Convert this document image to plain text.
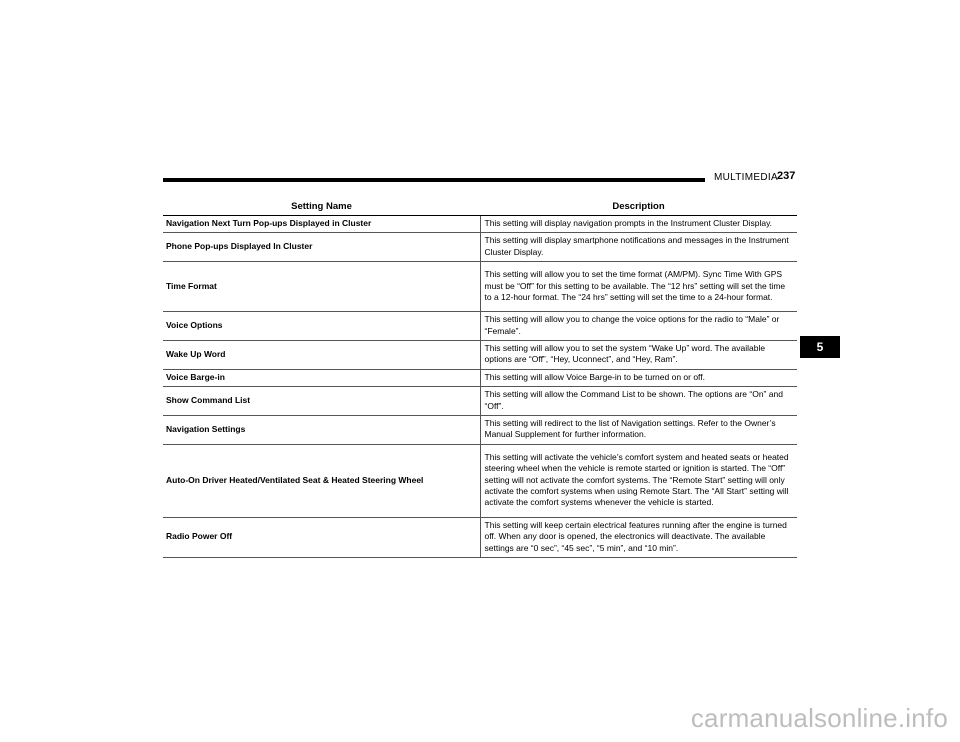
MULTIMEDIA 237
5
Setting Name	Description
Navigation Next Turn Pop-ups Displayed in Cluster	This setting will display navigation prompts in the Instrument Cluster Display.
Phone Pop-ups Displayed In Cluster	This setting will display smartphone notifications and messages in the Instrument Cluster Display.
Time Format	This setting will allow you to set the time format (AM/PM). Sync Time With GPS must be “Off” for this setting to be available. The “12 hrs” setting will set the time to a 12-hour format. The “24 hrs” setting will set the time to a 24-hour format.
Voice Options	This setting will allow you to change the voice options for the radio to “Male” or “Female”.
Wake Up Word	This setting will allow you to set the system “Wake Up” word. The available options are “Off”, “Hey, Uconnect”, and “Hey, Ram”.
Voice Barge-in	This setting will allow Voice Barge-in to be turned on or off.
Show Command List	This setting will allow the Command List to be shown. The options are “On” and “Off”.
Navigation Settings	This setting will redirect to the list of Navigation settings. Refer to the Owner’s Manual Supplement for further information.
Auto-On Driver Heated/Ventilated Seat & Heated Steering Wheel	This setting will activate the vehicle’s comfort system and heated seats or heated steering wheel when the vehicle is remote started or ignition is started. The “Off” setting will not activate the comfort systems. The “Remote Start” setting will only activate the comfort systems when using Remote Start. The “All Start” setting will activate the comfort systems whenever the vehicle is started.
Radio Power Off	This setting will keep certain electrical features running after the engine is turned off. When any door is opened, the electronics will deactivate. The available settings are “0 sec”, “45 sec”, “5 min”, and “10 min”.
carmanualsonline.info
